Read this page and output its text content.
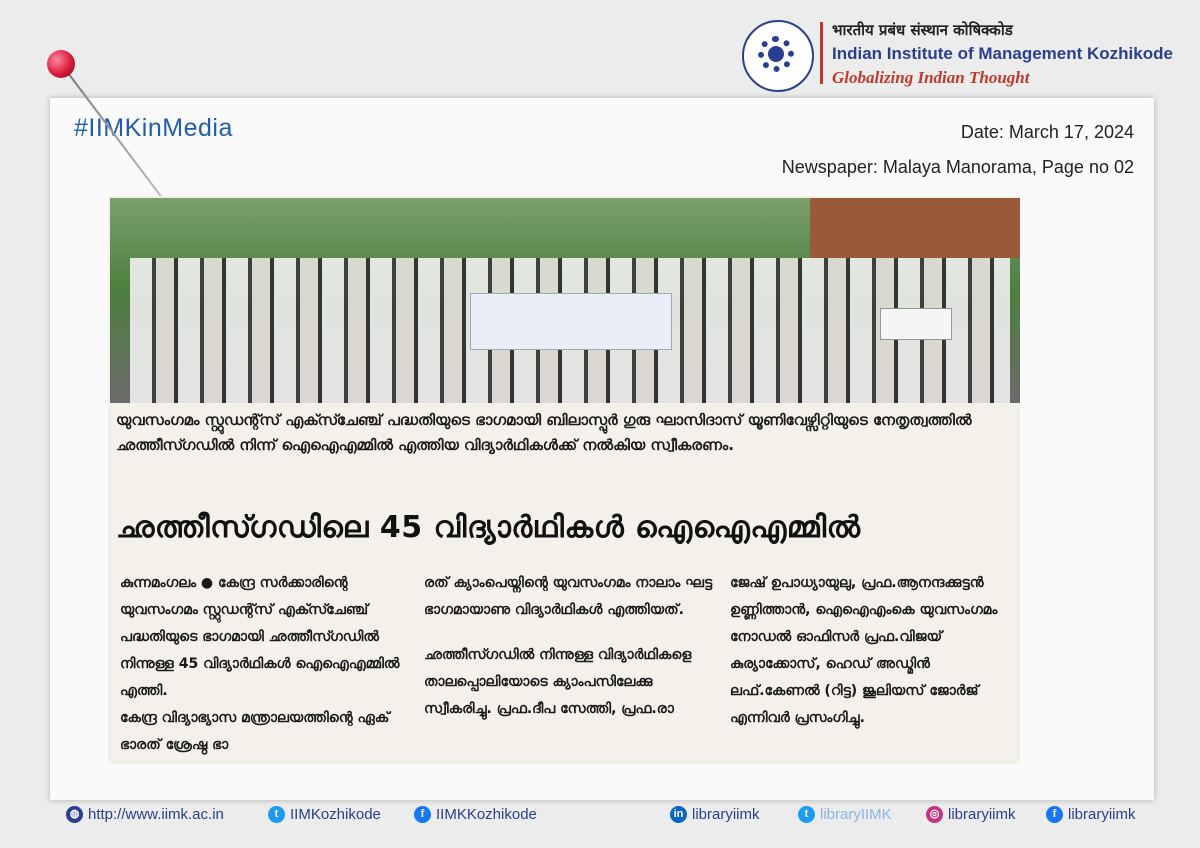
भारतीय प्रबंध संस्थान कोषिक्कोड
Indian Institute of Management Kozhikode
Globalizing Indian Thought
#IIMKinMedia	Date: March 17, 2024
Newspaper: Malaya Manorama, Page no 02
യുവസംഗമം സ്റ്റുഡന്റ്സ് എക്സ്ചേഞ്ച് പദ്ധതിയുടെ ഭാഗമായി ബിലാസ്പുർ ഗുരു ഘാസിദാസ് യൂണിവേഴ്സിറ്റിയുടെ നേതൃത്വത്തിൽ ഛത്തീസ്ഗഡിൽ നിന്ന് ഐഐഎമ്മിൽ എത്തിയ വിദ്യാർഥികൾക്ക് നൽകിയ സ്വീകരണം.
ഛത്തീസ്ഗഡിലെ 45 വിദ്യാർഥികൾ ഐഐഎമ്മിൽ

കുന്നമംഗലം ● കേന്ദ്ര സർക്കാരിന്റെ യുവസംഗമം സ്റ്റുഡന്റ്സ് എക്സ്ചേഞ്ച് പദ്ധതിയുടെ ഭാഗമായി ഛത്തീസ്ഗഡിൽ നിന്നുള്ള 45 വിദ്യാർഥികൾ ഐഐഎമ്മിൽ എത്തി.

കേന്ദ്ര വിദ്യാഭ്യാസ മന്ത്രാലയത്തിന്റെ ഏക് ഭാരത് ശ്രേഷ്ഠ ഭാ

രത് ക്യാംപെയ്നിന്റെ യുവസംഗമം നാലാം ഘട്ട ഭാഗമായാണു വിദ്യാർഥികൾ എത്തിയത്.

ഛത്തീസ്ഗഡിൽ നിന്നുള്ള വിദ്യാർഥികളെ താലപ്പൊലിയോടെ ക്യാംപസിലേക്കു സ്വീകരിച്ചു. പ്രഫ.ദീപ സേത്തി, പ്രഫ.രാ

ജേഷ് ഉപാധ്യായുലു, പ്രഫ.ആനന്ദക്കുട്ടൻ ഉണ്ണിത്താൻ, ഐഐഎംകെ യുവസംഗമം നോഡൽ ഓഫിസർ പ്രഫ.വിജയ് കുര്യാക്കോസ്, ഹെഡ് അഡ്മിൻ ലഫ്.കേണൽ (റിട്ട) ജൂലിയസ് ജോർജ് എന്നിവർ പ്രസംഗിച്ചു.

◍ http://www.iimk.ac.in	t IIMKozhikode	f IIMKKozhikode	in libraryiimk	t libraryIIMK	◎ libraryiimk	f libraryiimk
